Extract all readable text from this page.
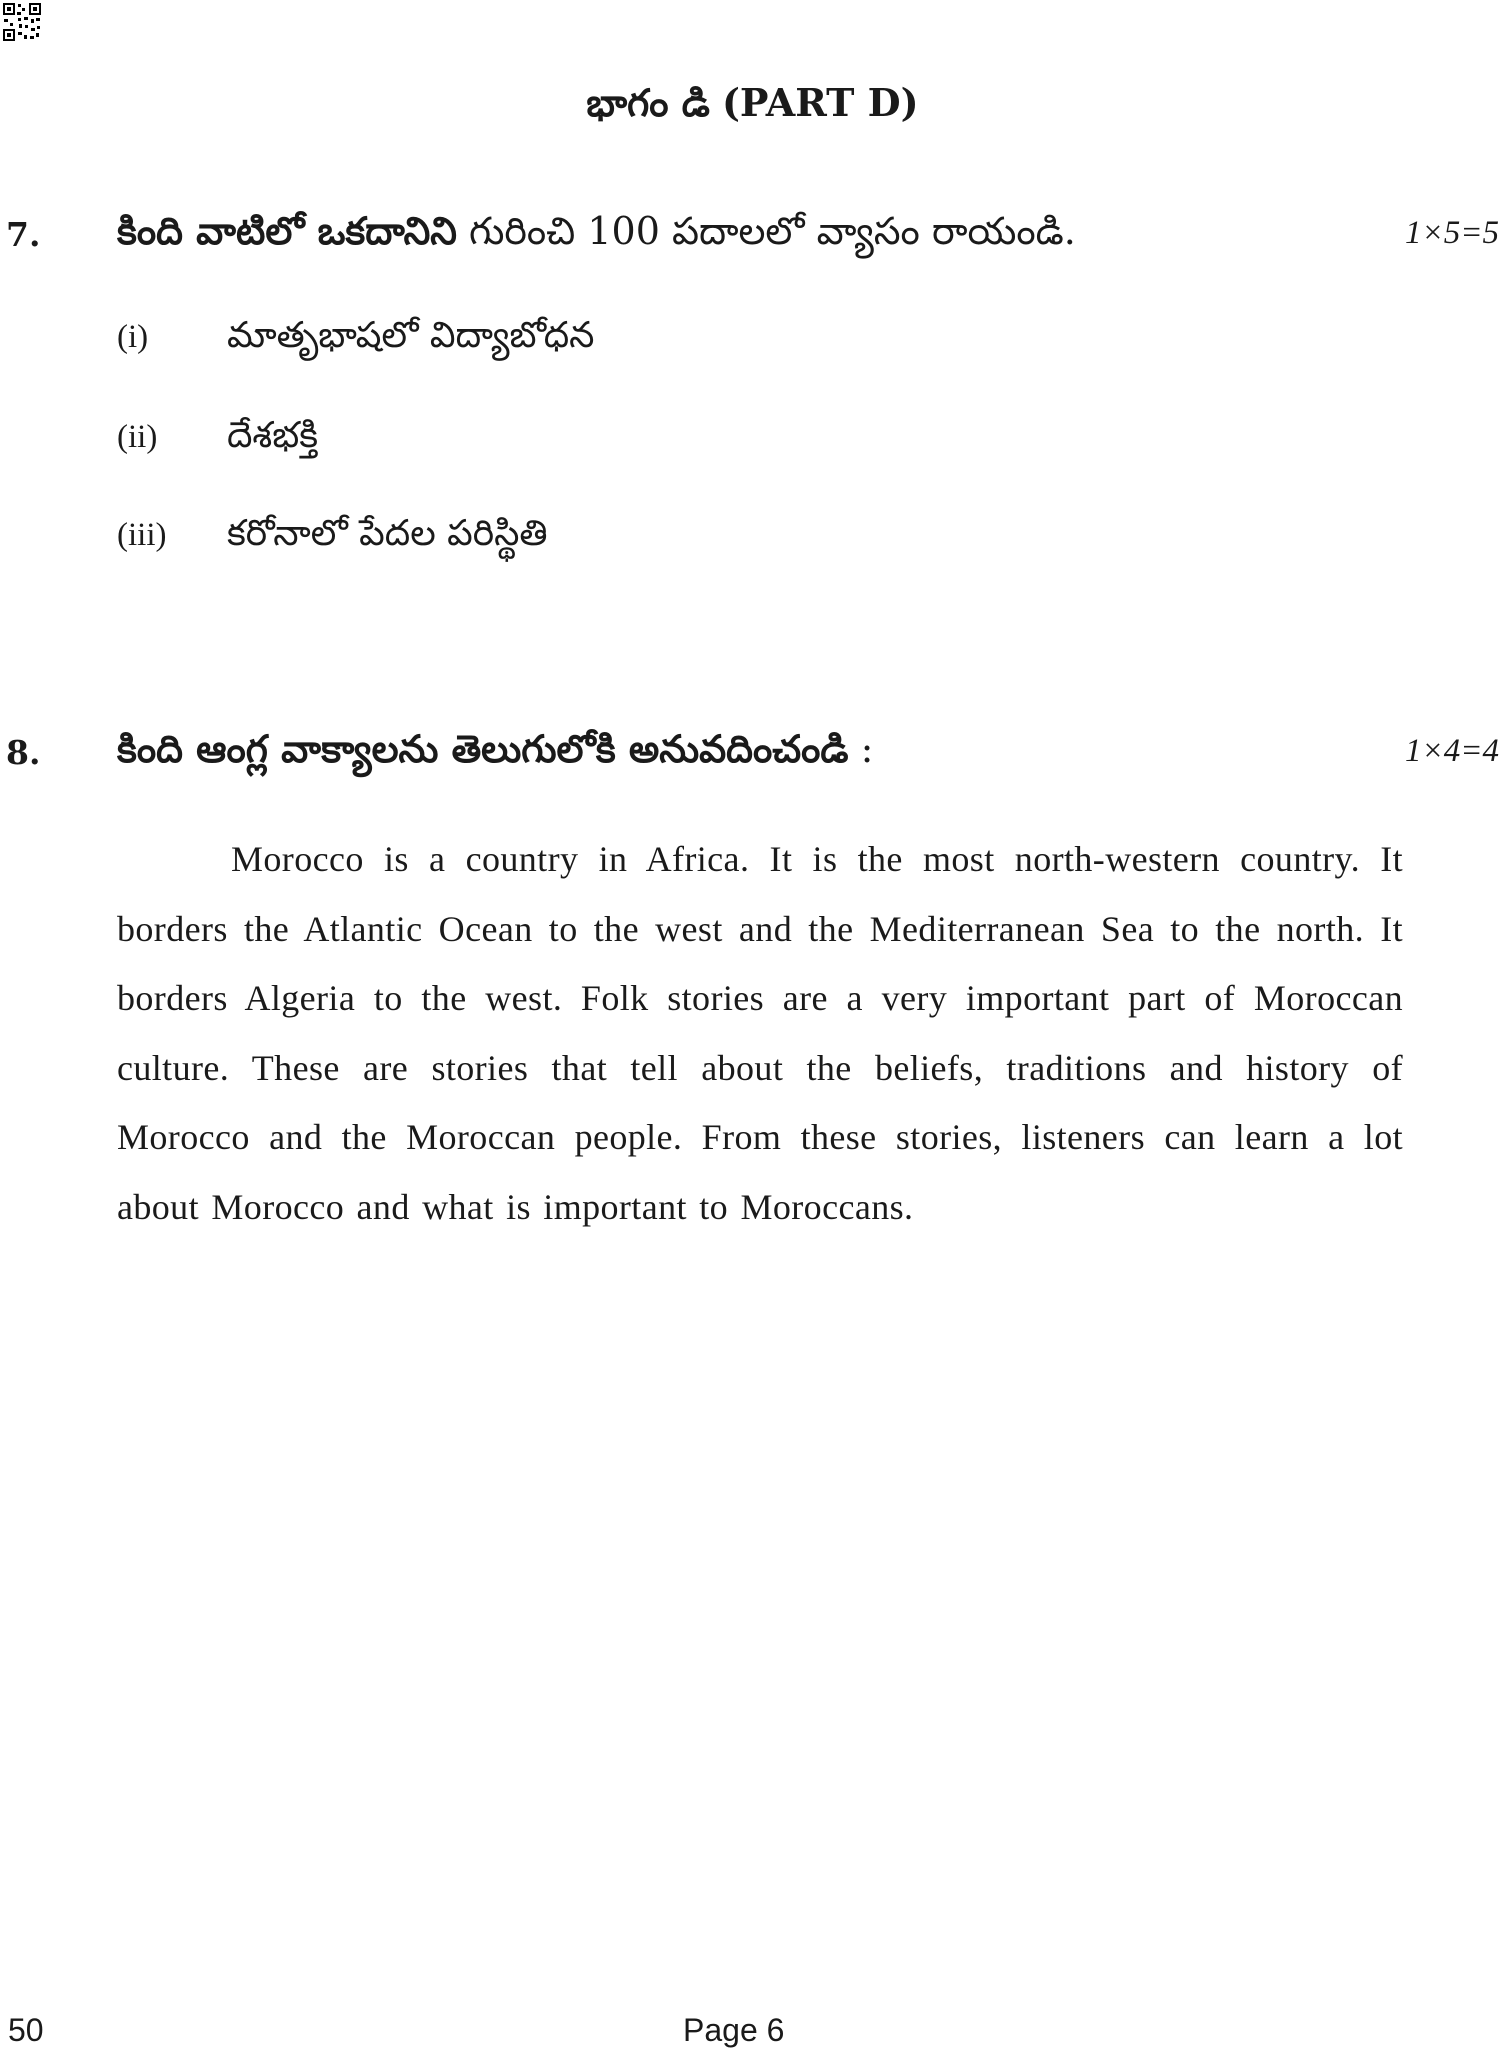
భాగం డి (PART D)
7. కింది వాటిలో ఒకదానిని గురించి 100 పదాలలో వ్యాసం రాయండి.	1×5=5
(i) మాతృభాషలో విద్యాబోధన
(ii) దేశభక్తి
(iii) కరోనాలో పేదల పరిస్థితి
8. కింది ఆంగ్ల వాక్యాలను తెలుగులోకి అనువదించండి :	1×4=4

Morocco is a country in Africa. It is the most north-western country. It borders the Atlantic Ocean to the west and the Mediterranean Sea to the north. It borders Algeria to the west. Folk stories are a very important part of Moroccan culture. These are stories that tell about the beliefs, traditions and history of Morocco and the Moroccan people. From these stories, listeners can learn a lot about Morocco and what is important to Moroccans.

50	Page 6
